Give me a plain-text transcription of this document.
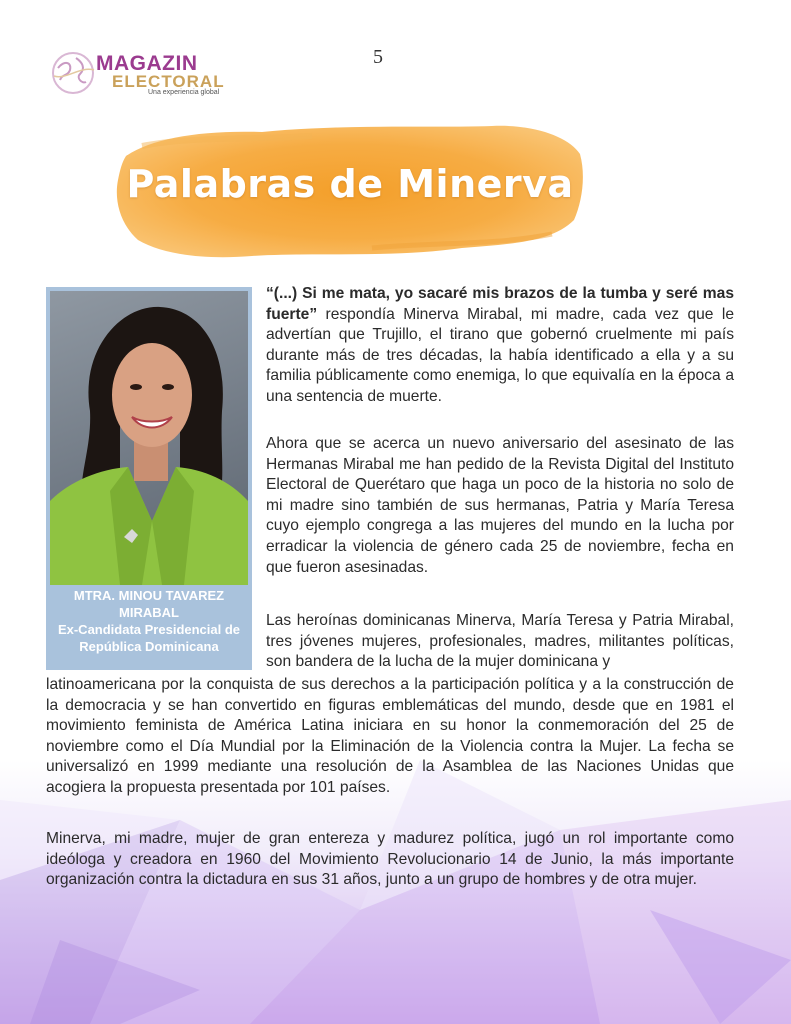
MAGAZIN
ELECTORAL
Una experiencia global
5
Palabras de Minerva
MTRA. MINOU TAVAREZ
MIRABAL
Ex-Candidata Presidencial de
República Dominicana
“(...) Si me mata, yo sacaré mis brazos de la tumba y seré mas fuerte” respondía Minerva Mirabal, mi madre, cada vez que le advertían que Trujillo, el tirano que gobernó cruelmente mi país durante más de tres décadas, la había identificado a ella y a su familia públicamente como enemiga, lo que equivalía en la época a una sentencia de muerte.
Ahora que se acerca un nuevo aniversario del asesinato de las Hermanas Mirabal me han pedido de la Revista Digital del Instituto Electoral de Querétaro que haga un poco de la historia no solo de mi madre sino también de sus hermanas, Patria y María Teresa cuyo ejemplo congrega a las mujeres del mundo en la lucha por erradicar la violencia de género cada 25 de noviembre, fecha en que fueron asesinadas.
Las heroínas dominicanas Minerva, María Teresa y Patria Mirabal, tres jóvenes mujeres, profesionales, madres, militantes políticas, son bandera de la lucha de la mujer dominicana y
latinoamericana por la conquista de sus derechos a la participación política y a la construcción de la democracia y se han convertido en figuras emblemáticas del mundo, desde que en 1981 el movimiento feminista de América Latina iniciara en su honor la conmemoración del 25 de noviembre como el Día Mundial por la Eliminación de la Violencia contra la Mujer. La fecha se universalizó en 1999 mediante una resolución de la Asamblea de las Naciones Unidas que acogiera la propuesta presentada por 101 países.
Minerva, mi madre, mujer de gran entereza y madurez política, jugó un rol importante como ideóloga y creadora en 1960 del Movimiento Revolucionario 14 de Junio, la más importante organización contra la dictadura en sus 31 años, junto a un grupo de hombres y de otra mujer.
